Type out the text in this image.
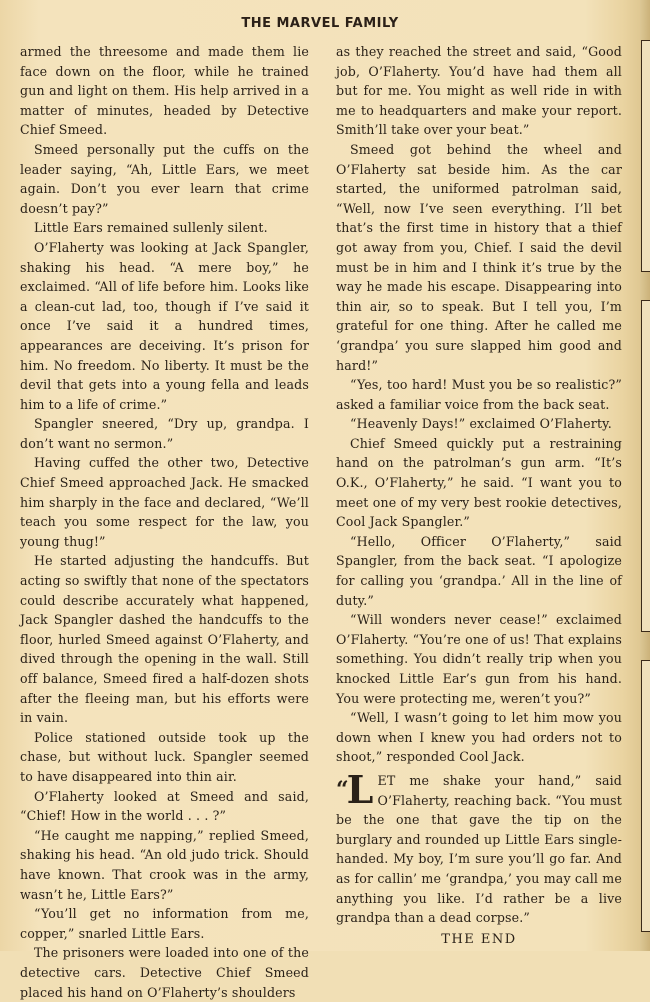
THE MARVEL FAMILY

armed the threesome and made them lie face down on the floor, while he trained gun and light on them. His help arrived in a matter of minutes, headed by Detective Chief Smeed.

Smeed personally put the cuffs on the leader saying, “Ah, Little Ears, we meet again. Don’t you ever learn that crime doesn’t pay?”

Little Ears remained sullenly silent.

O’Flaherty was looking at Jack Spangler, shaking his head. “A mere boy,” he exclaimed. “All of life before him. Looks like a clean-cut lad, too, though if I’ve said it once I’ve said it a hundred times, appearances are deceiving. It’s prison for him. No freedom. No liberty. It must be the devil that gets into a young fella and leads him to a life of crime.”

Spangler sneered, “Dry up, grandpa. I don’t want no sermon.”

Having cuffed the other two, Detective Chief Smeed approached Jack. He smacked him sharply in the face and declared, “We’ll teach you some respect for the law, you young thug!”

He started adjusting the handcuffs. But acting so swiftly that none of the spectators could describe accurately what happened, Jack Spangler dashed the handcuffs to the floor, hurled Smeed against O’Flaherty, and dived through the opening in the wall. Still off balance, Smeed fired a half-dozen shots after the fleeing man, but his efforts were in vain.

Police stationed outside took up the chase, but without luck. Spangler seemed to have disappeared into thin air.

O’Flaherty looked at Smeed and said, “Chief! How in the world . . . ?”

“He caught me napping,” replied Smeed, shaking his head. “An old judo trick. Should have known. That crook was in the army, wasn’t he, Little Ears?”

“You’ll get no information from me, copper,” snarled Little Ears.

The prisoners were loaded into one of the detective cars. Detective Chief Smeed placed his hand on O’Flaherty’s shoulders

as they reached the street and said, “Good job, O’Flaherty. You’d have had them all but for me. You might as well ride in with me to headquarters and make your report. Smith’ll take over your beat.”

Smeed got behind the wheel and O’Flaherty sat beside him. As the car started, the uniformed patrolman said, “Well, now I’ve seen everything. I’ll bet that’s the first time in history that a thief got away from you, Chief. I said the devil must be in him and I think it’s true by the way he made his escape. Disappearing into thin air, so to speak. But I tell you, I’m grateful for one thing. After he called me ‘grandpa’ you sure slapped him good and hard!”

“Yes, too hard! Must you be so realistic?” asked a familiar voice from the back seat.

“Heavenly Days!” exclaimed O’Flaherty.

Chief Smeed quickly put a restraining hand on the patrolman’s gun arm. “It’s O.K., O’Flaherty,” he said. “I want you to meet one of my very best rookie detectives, Cool Jack Spangler.”

“Hello, Officer O’Flaherty,” said Spangler, from the back seat. “I apologize for calling you ‘grandpa.’ All in the line of duty.”

“Will wonders never cease!” exclaimed O’Flaherty. “You’re one of us! That explains something. You didn’t really trip when you knocked Little Ear’s gun from his hand. You were protecting me, weren’t you?”

“Well, I wasn’t going to let him mow you down when I knew you had orders not to shoot,” responded Cool Jack.

“L ET me shake your hand,” said O’Flaherty, reaching back. “You must be the one that gave the tip on the burglary and rounded up Little Ears single-handed. My boy, I’m sure you’ll go far. And as for callin’ me ‘grandpa,’ you may call me anything you like. I’d rather be a live grandpa than a dead corpse.”

THE END
